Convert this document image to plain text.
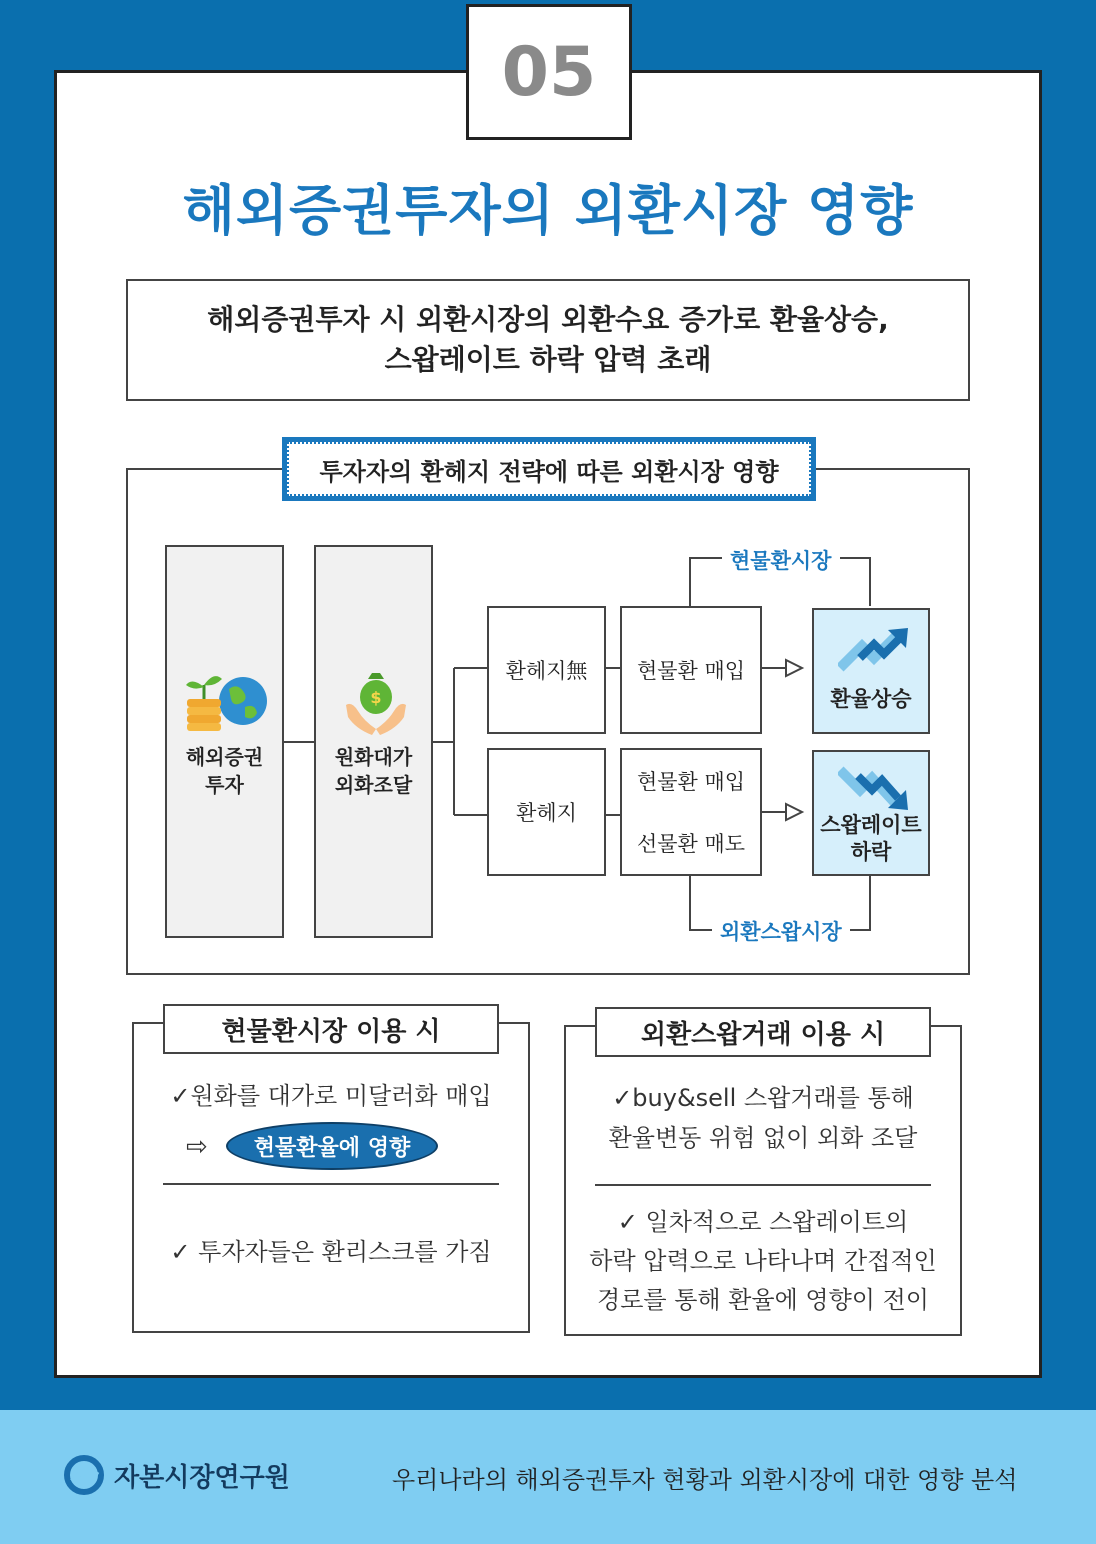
05
해외증권투자의 외환시장 영향
해외증권투자 시 외환시장의 외환수요 증가로 환율상승,
스왑레이트 하락 압력 초래
투자자의 환헤지 전략에 따른 외환시장 영향
해외증권
투자
$
원화대가
외화조달
환헤지無
환헤지
현물환 매입
현물환 매입
선물환 매도
환율상승
스왑레이트
하락
현물환시장
외환스왑시장
현물환시장 이용 시
✓원화를 대가로 미달러화 매입
⇨	현물환율에 영향
✓ 투자자들은 환리스크를 가짐
외환스왑거래 이용 시
✓buy&sell 스왑거래를 통해
환율변동 위험 없이 외화 조달
✓ 일차적으로 스왑레이트의
하락 압력으로 나타나며 간접적인
경로를 통해 환율에 영향이 전이
자본시장연구원	우리나라의 해외증권투자 현황과 외환시장에 대한 영향 분석
